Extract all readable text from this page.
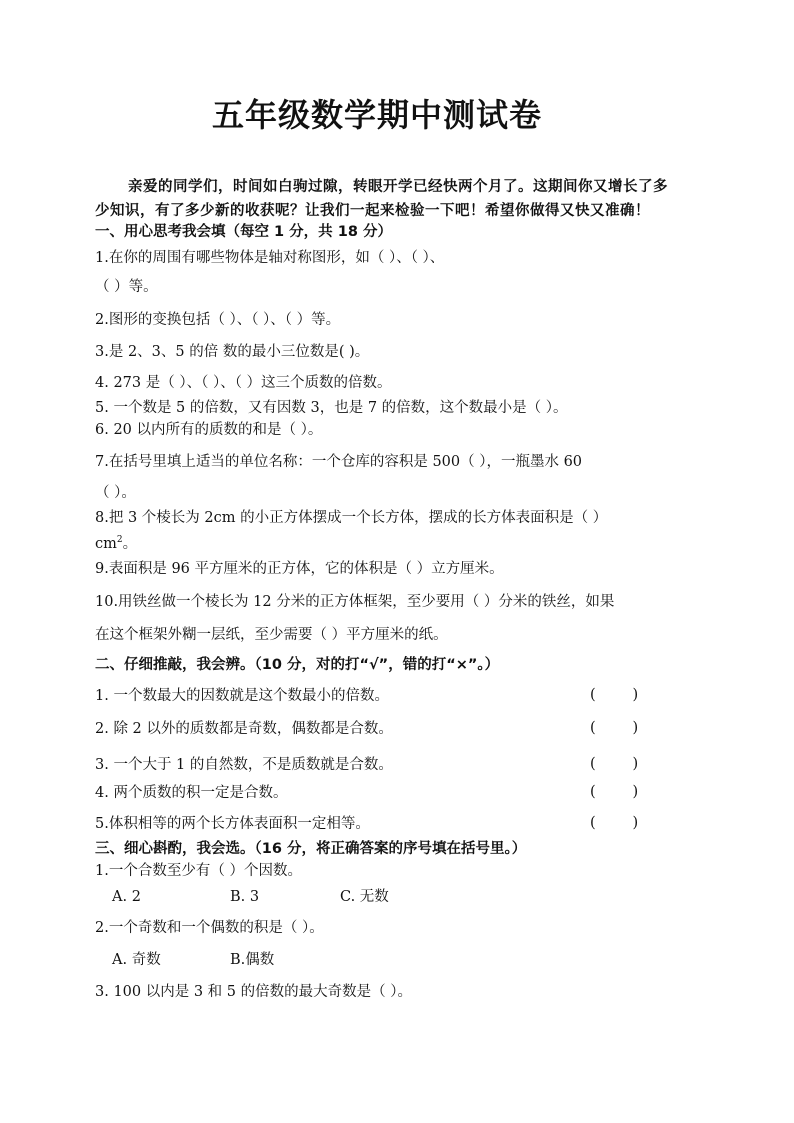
五年级数学期中测试卷
亲爱的同学们，时间如白驹过隙，转眼开学已经快两个月了。这期间你又增长了多
少知识，有了多少新的收获呢？让我们一起来检验一下吧！希望你做得又快又准确！
一、用心思考我会填（每空 1 分，共 18 分）
1.在你的周围有哪些物体是轴对称图形，如（ ）、（ ）、
（ ）等。
2.图形的变换包括（ ）、（ ）、（ ）等。
3.是 2、3、5 的倍 数的最小三位数是( )。
4. 273 是（ ）、（ ）、（ ）这三个质数的倍数。
5. 一个数是 5 的倍数，又有因数 3，也是 7 的倍数，这个数最小是（ ）。
6. 20 以内所有的质数的和是（ ）。
7.在括号里填上适当的单位名称：一个仓库的容积是 500（ ），一瓶墨水 60
（ ）。
8.把 3 个棱长为 2cm 的小正方体摆成一个长方体，摆成的长方体表面积是（ ）
$cm^2$。
9.表面积是 96 平方厘米的正方体，它的体积是（ ）立方厘米。
10.用铁丝做一个棱长为 12 分米的正方体框架，至少要用（ ）分米的铁丝，如果
在这个框架外糊一层纸，至少需要（ ）平方厘米的纸。
二、仔细推敲，我会辨。（10 分，对的打“√”，错的打“×”。）
1. 一个数最大的因数就是这个数最小的倍数。	(        )
2. 除 2 以外的质数都是奇数，偶数都是合数。	(        )
3. 一个大于 1 的自然数，不是质数就是合数。	(        )
4. 两个质数的积一定是合数。	(        )
5.体积相等的两个长方体表面积一定相等。	(        )
三、细心斟酌，我会选。（16 分，将正确答案的序号填在括号里。）
1.一个合数至少有（ ）个因数。
A. 2	B. 3	C. 无数
2.一个奇数和一个偶数的积是（ ）。
A. 奇数	B.偶数
3. 100 以内是 3 和 5 的倍数的最大奇数是（ ）。
